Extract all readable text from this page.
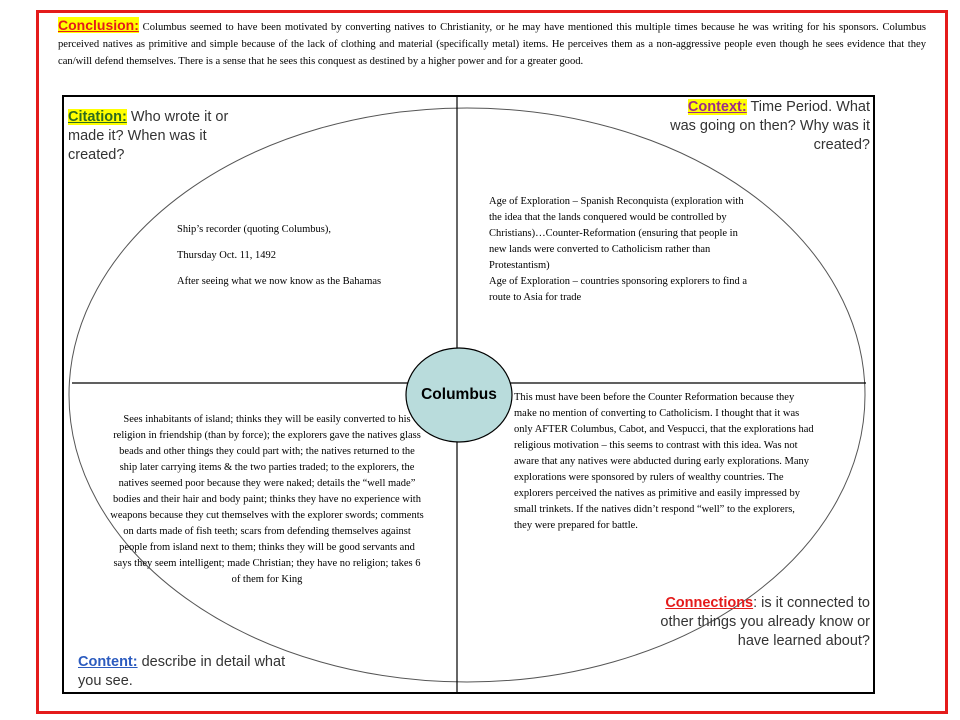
Conclusion: Columbus seemed to have been motivated by converting natives to Christianity, or he may have mentioned this multiple times because he was writing for his sponsors. Columbus perceived natives as primitive and simple because of the lack of clothing and material (specifically metal) items. He perceives them as a non-aggressive people even though he sees evidence that they can/will defend themselves. There is a sense that he sees this conquest as destined by a higher power and for a greater good.
Columbus
Citation: Who wrote it or made it? When was it created?
Context: Time Period. What was going on then? Why was it created?
Content: describe in detail what you see.
Connections: is it connected to other things you already know or have learned about?

Ship’s recorder (quoting Columbus),

Thursday Oct. 11, 1492

After seeing what we now know as the Bahamas

Age of Exploration – Spanish Reconquista (exploration with the idea that the lands conquered would be controlled by Christians)…Counter-Reformation (ensuring that people in new lands were converted to Catholicism rather than Protestantism)
Age of Exploration – countries sponsoring explorers to find a route to Asia for trade
Sees inhabitants of island; thinks they will be easily converted to his religion in friendship (than by force); the explorers gave the natives glass beads and other things they could part with; the natives returned to the ship later carrying items & the two parties traded; to the explorers, the natives seemed poor because they were naked; details the “well made” bodies and their hair and body paint; thinks they have no experience with weapons because they cut themselves with the explorer swords; comments on darts made of fish teeth; scars from defending themselves against people from island next to them; thinks they will be good servants and says they seem intelligent; made Christian; they have no religion; takes 6 of them for King
This must have been before the Counter Reformation because they make no mention of converting to Catholicism. I thought that it was only AFTER Columbus, Cabot, and Vespucci, that the explorations had religious motivation – this seems to contrast with this idea. Was not aware that any natives were abducted during early explorations. Many explorations were sponsored by rulers of wealthy countries. The explorers perceived the natives as primitive and easily impressed by small trinkets. If the natives didn’t respond “well” to the explorers, they were prepared for battle.
